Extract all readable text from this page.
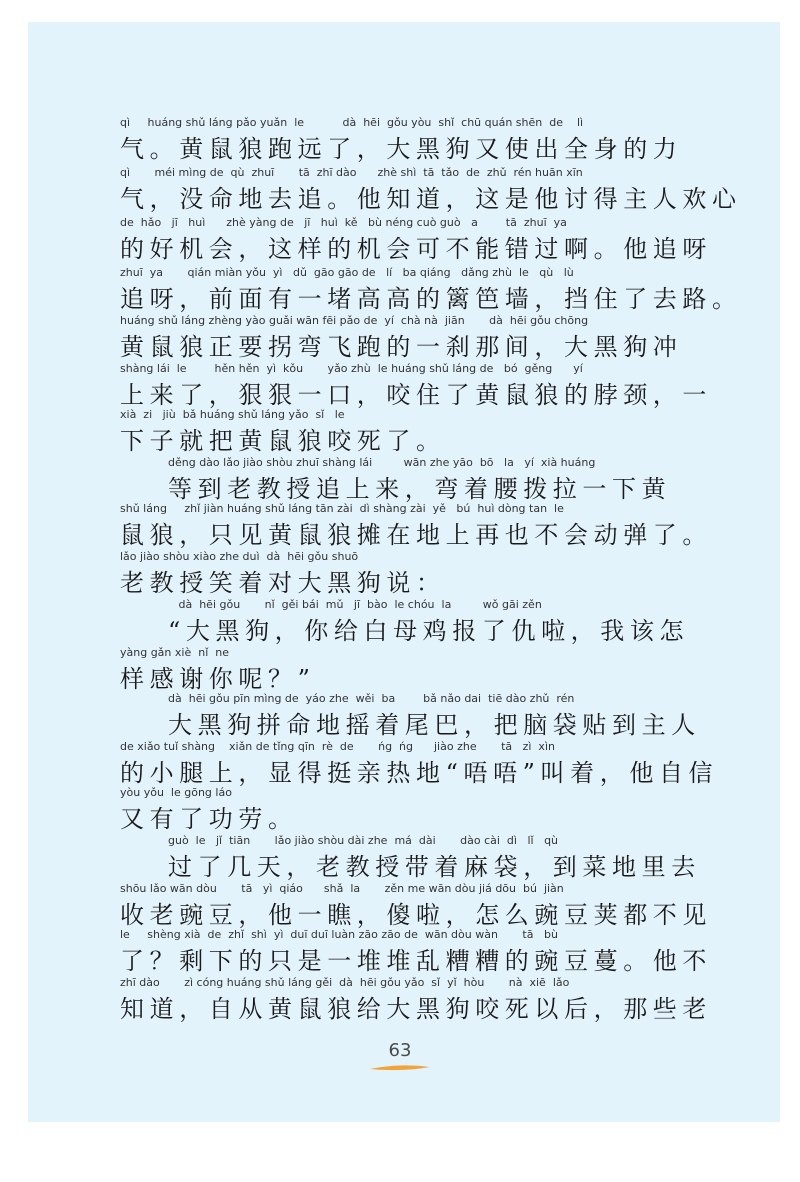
qì     huáng shǔ láng pǎo yuǎn  le           dà  hēi  gǒu yòu  shǐ  chū quán shēn  de    lì
气。黄鼠狼跑远了，大黑狗又使出全身的力
qì       méi mìng de  qù  zhuī       tā  zhī dào      zhè shì  tā  tǎo  de  zhǔ  rén huān xīn
气，没命地去追。他知道，这是他讨得主人欢心
de  hǎo   jī   huì      zhè yàng de   jī   huì  kě   bù néng cuò guò   a        tā  zhuī  ya
的好机会，这样的机会可不能错过啊。他追呀
zhuī  ya       qián miàn yǒu  yì   dǔ  gāo gāo de   lí   ba qiáng   dǎng zhù  le   qù   lù
追呀，前面有一堵高高的篱笆墙，挡住了去路。
huáng shǔ láng zhèng yào guǎi wān fēi pǎo de  yí  chà nà  jiān       dà  hēi gǒu chōng
黄鼠狼正要拐弯飞跑的一刹那间，大黑狗冲
shàng lái  le        hěn hěn  yì  kǒu       yǎo zhù  le huáng shǔ láng de   bó  gěng      yí
上来了，狠狠一口，咬住了黄鼠狼的脖颈，一
xià  zi   jiù  bǎ huáng shǔ láng yǎo  sǐ   le
下子就把黄鼠狼咬死了。
děng dào lǎo jiào shòu zhuī shàng lái         wān zhe yāo  bō   la   yí  xià huáng
等到老教授追上来，弯着腰拨拉一下黄
shǔ láng     zhǐ jiàn huáng shǔ láng tān zài  dì shàng zài  yě   bú  huì dòng tan  le
鼠狼，只见黄鼠狼摊在地上再也不会动弹了。
lǎo jiào shòu xiào zhe duì  dà  hēi gǒu shuō
老教授笑着对大黑狗说：
dà  hēi gǒu       nǐ  gěi bái  mǔ   jī  bào  le chóu  la         wǒ gāi zěn
“大黑狗，你给白母鸡报了仇啦，我该怎
yàng gǎn xiè  nǐ  ne
样感谢你呢？”
dà  hēi gǒu pīn mìng de  yáo zhe  wěi  ba        bǎ nǎo dai  tiē dào zhǔ  rén
大黑狗拼命地摇着尾巴，把脑袋贴到主人
de xiǎo tuǐ shàng    xiǎn de tǐng qīn  rè  de       ńg  ńg      jiào zhe       tā   zì  xìn
的小腿上，显得挺亲热地“唔唔”叫着，他自信
yòu yǒu  le gōng láo
又有了功劳。
guò  le   jǐ  tiān       lǎo jiào shòu dài zhe  má  dài       dào cài  dì   lǐ   qù
过了几天，老教授带着麻袋，到菜地里去
shōu lǎo wān dòu       tā   yì  qiáo      shǎ  la       zěn me wān dòu jiá dōu  bú  jiàn
收老豌豆，他一瞧，傻啦，怎么豌豆荚都不见
le     shèng xià  de  zhǐ  shì  yì  duī duī luàn zāo zāo de  wān dòu wàn       tā   bù
了？剩下的只是一堆堆乱糟糟的豌豆蔓。他不
zhī dào       zì cóng huáng shǔ láng gěi  dà  hēi gǒu yǎo  sǐ  yǐ  hòu       nà  xiē  lǎo
知道，自从黄鼠狼给大黑狗咬死以后，那些老
63
